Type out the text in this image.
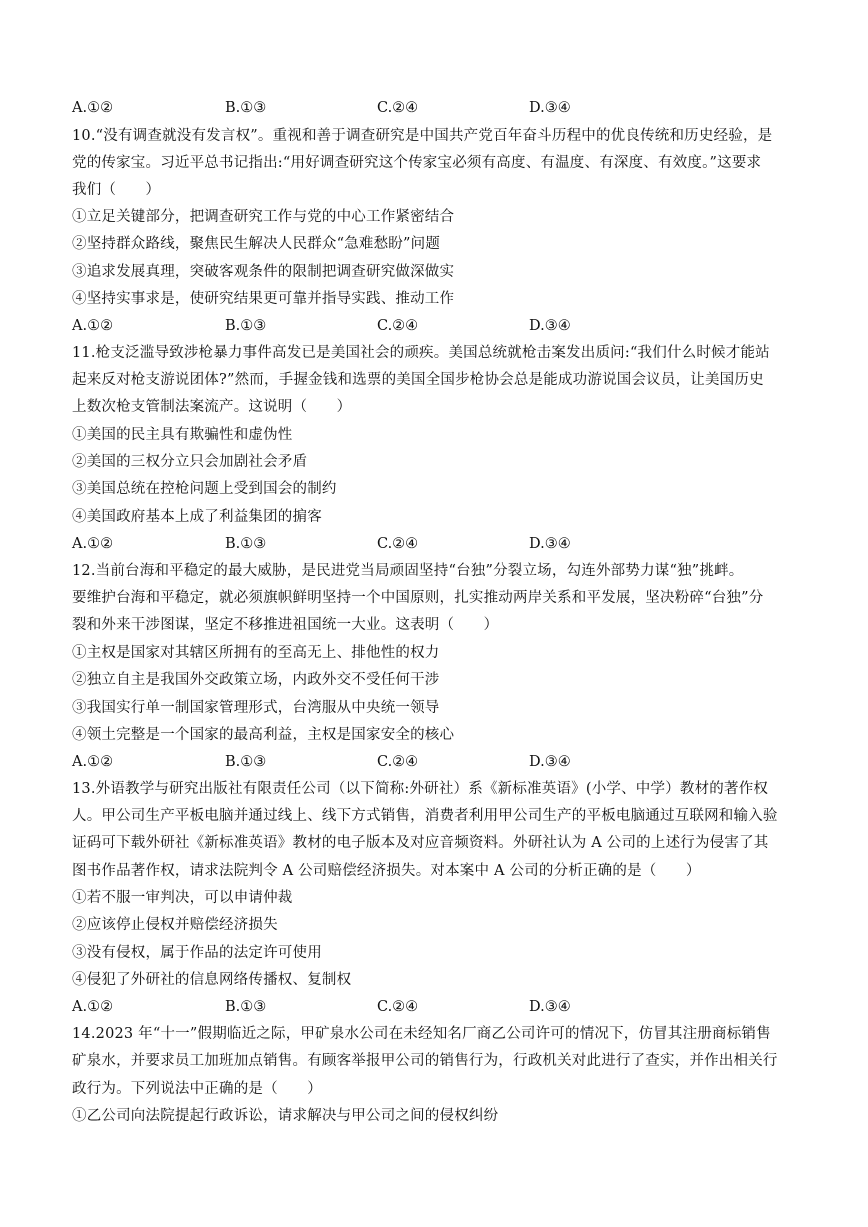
A.①②	B.①③	C.②④	D.③④
10.“没有调查就没有发言权”。重视和善于调查研究是中国共产党百年奋斗历程中的优良传统和历史经验，是
党的传家宝。习近平总书记指出:“用好调查研究这个传家宝必须有高度、有温度、有深度、有效度。”这要求
我们（　　）
①立足关键部分，把调查研究工作与党的中心工作紧密结合
②坚持群众路线，聚焦民生解决人民群众“急难愁盼”问题
③追求发展真理，突破客观条件的限制把调查研究做深做实
④坚持实事求是，使研究结果更可靠并指导实践、推动工作
A.①②	B.①③	C.②④	D.③④
11.枪支泛滥导致涉枪暴力事件高发已是美国社会的顽疾。美国总统就枪击案发出质问:“我们什么时候才能站
起来反对枪支游说团体?”然而，手握金钱和选票的美国全国步枪协会总是能成功游说国会议员，让美国历史
上数次枪支管制法案流产。这说明（　　）
①美国的民主具有欺骗性和虚伪性
②美国的三权分立只会加剧社会矛盾
③美国总统在控枪问题上受到国会的制约
④美国政府基本上成了利益集团的掮客
A.①②	B.①③	C.②④	D.③④
12.当前台海和平稳定的最大威胁，是民进党当局顽固坚持“台独”分裂立场，勾连外部势力谋“独”挑衅。
要维护台海和平稳定，就必须旗帜鲜明坚持一个中国原则，扎实推动两岸关系和平发展，坚决粉碎“台独”分
裂和外来干涉图谋，坚定不移推进祖国统一大业。这表明（　　）
①主权是国家对其辖区所拥有的至高无上、排他性的权力
②独立自主是我国外交政策立场，内政外交不受任何干涉
③我国实行单一制国家管理形式，台湾服从中央统一领导
④领土完整是一个国家的最高利益，主权是国家安全的核心
A.①②	B.①③	C.②④	D.③④
13.外语教学与研究出版社有限责任公司（以下简称:外研社）系《新标准英语》(小学、中学）教材的著作权
人。甲公司生产平板电脑并通过线上、线下方式销售，消费者利用甲公司生产的平板电脑通过互联网和输入验
证码可下载外研社《新标准英语》教材的电子版本及对应音频资料。外研社认为 A 公司的上述行为侵害了其
图书作品著作权，请求法院判令 A 公司赔偿经济损失。对本案中 A 公司的分析正确的是（　　）
①若不服一审判决，可以申请仲裁
②应该停止侵权并赔偿经济损失
③没有侵权，属于作品的法定许可使用
④侵犯了外研社的信息网络传播权、复制权
A.①②	B.①③	C.②④	D.③④
14.2023 年“十一”假期临近之际，甲矿泉水公司在未经知名厂商乙公司许可的情况下，仿冒其注册商标销售
矿泉水，并要求员工加班加点销售。有顾客举报甲公司的销售行为，行政机关对此进行了查实，并作出相关行
政行为。下列说法中正确的是（　　）
①乙公司向法院提起行政诉讼，请求解决与甲公司之间的侵权纠纷
